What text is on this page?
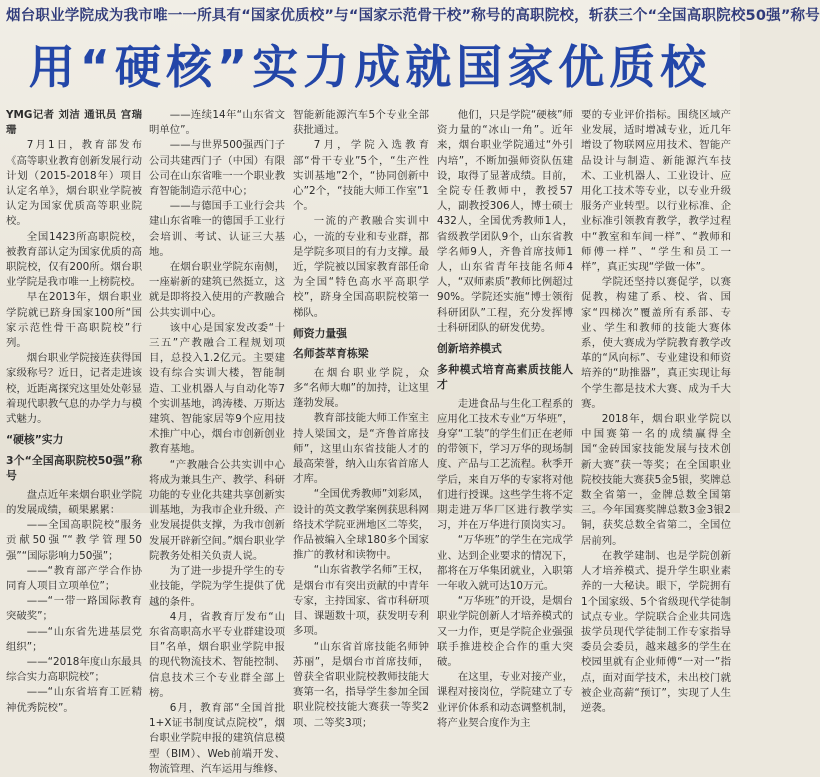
烟台职业学院成为我市唯一一所具有“国家优质校”与“国家示范骨干校”称号的高职院校，斩获三个“全国高职院校50强”称号
用“硬核”实力成就国家优质校

YMG记者 刘洁 通讯员 宫瑞珊

7月1日，教育部发布《高等职业教育创新发展行动计划（2015-2018年）项目认定名单》，烟台职业学院被认定为国家优质高等职业院校。

全国1423所高职院校，被教育部认定为国家优质的高职院校，仅有200所。烟台职业学院是我市唯一上榜院校。

早在2013年，烟台职业学院就已跻身国家100所“国家示范性骨干高职院校”行列。

烟台职业学院接连获得国家级称号？近日，记者走进该校，近距离探究这里处处彰显着现代职教气息的办学力与模式魅力。

“硬核”实力

3个“全国高职院校50强”称号

盘点近年来烟台职业学院的发展成绩，硕果累累：

——全国高职院校“服务贡献50强”“教学管理50强”“国际影响力50强”；

——“教育部产学合作协同育人项目立项单位”；

——“一带一路国际教育突破奖”；

——“山东省先进基层党组织”；

——“2018年度山东最具综合实力高职院校”；

——“山东省培育工匠精神优秀院校”。

——连续14年“山东省文明单位”。

——与世界500强西门子公司共建西门子（中国）有限公司在山东省唯一一个职业教育智能制造示范中心；

——与德国手工业行会共建山东省唯一的德国手工业行会培训、考试、认证三大基地。

在烟台职业学院东南侧，一座崭新的建筑已然挺立，这就是即将投入使用的产教融合公共实训中心。

该中心是国家发改委“十三五”产教融合工程规划项目，总投入1.2亿元。主要建设有综合实训大楼，智能制造、工业机器人与自动化等7个实训基地，鸿涛楼、万斯达建筑、智能家居等9个应用技术推广中心，烟台市创新创业教育基地。

“产教融合公共实训中心将成为兼具生产、教学、科研功能的专业化共建共享创新实训基地，为我市企业升级、产业发展提供支撑，为我市创新发展开辟新空间。”烟台职业学院教务处相关负责人说。

为了进一步提升学生的专业技能，学院为学生提供了优越的条件。

4月，省教育厅发布“山东省高职高水平专业群建设项目”名单，烟台职业学院申报的现代物流技术、智能控制、信息技术三个专业群全部上榜。

6月，教育部“全国首批1+X证书制度试点院校”，烟台职业学院申报的建筑信息模型（BIM）、Web前端开发、物流管理、汽车运用与维修、

智能新能源汽车5个专业全部获批通过。

7月，学院入选教育部“骨干专业”5个，“生产性实训基地”2个，“协同创新中心”2个，“技能大师工作室”1个。

一流的产教融合实训中心，一流的专业和专业群，都是学院多项目的有力支撑。最近，学院被以国家教育部任命为全国“特色高水平高职学校”，跻身全国高职院校第一梯队。

师资力量强

名师荟萃育栋梁

在烟台职业学院，众多“名师大咖”的加持，让这里蓬勃发展。

教育部技能大师工作室主持人梁国文，是“齐鲁首席技师”，这里山东省技能人才的最高荣誉，纳入山东省首席人才库。

“全国优秀教师”刘彩凤，设计的英文教学案例获思科网络技术学院亚洲地区二等奖，作品被编入全球180多个国家推广的教材和读物中。

“山东省教学名师”王权，是烟台市有突出贡献的中青年专家，主持国家、省市科研项目、课题数十项，获发明专利多项。

“山东省首席技能名师钟苏丽”，是烟台市首席技师，曾获全省职业院校教师技能大赛第一名，指导学生参加全国职业院校技能大赛获一等奖2项、二等奖3项；

他们，只是学院“硬核”师资力量的“冰山一角”。近年来，烟台职业学院通过“外引内培”，不断加强师资队伍建设，取得了显著成绩。目前，全院专任教师中，教授57人，副教授306人，博士硕士432人，全国优秀教师1人，省级教学团队9个，山东省教学名师9人，齐鲁首席技师1人，山东省青年技能名师4人，“双师素质”教师比例超过90%。学院还实施“博士领衔科研团队”工程，充分发挥博士科研团队的研发优势。

创新培养模式

多种模式培育高素质技能人才

走进食品与生化工程系的应用化工技术专业“万华班”，身穿“工装”的学生们正在老师的带领下，学习万华的现场制度、产品与工艺流程。秋季开学后，来自万华的专家将对他们进行授课。这些学生将不定期走进万华厂区进行教学实习，并在万华进行顶岗实习。

“万华班”的学生在完成学业、达到企业要求的情况下，都将在万华集团就业，入职第一年收入就可达10万元。

“万华班”的开设，是烟台职业学院创新人才培养模式的又一力作，更是学院企业强强联手推进校企合作的重大突破。

在这里，专业对接产业，课程对接岗位，学院建立了专业评价体系和动态调整机制，将产业契合度作为主

要的专业评价指标。围绕区域产业发展，适时增减专业，近几年增设了物联网应用技术、智能产品设计与制造、新能源汽车技术、工业机器人、工业设计、应用化工技术等专业，以专业升级服务产业转型。以行业标准、企业标准引领教育教学，教学过程中“教室和车间一样”、“教师和师傅一样”、“学生和员工一样”，真正实现“学做一体”。

学院还坚持以赛促学，以赛促教，构建了系、校、省、国家“四梯次”覆盖所有系部、专业、学生和教师的技能大赛体系，使大赛成为学院教育教学改革的“风向标”、专业建设和师资培养的“助推器”，真正实现让每个学生都是技术大赛、成为千大赛。

2018年，烟台职业学院以中国赛第一名的成绩赢得全国“金砖国家技能发展与技术创新大赛”获一等奖；在全国职业院校技能大赛获5金5银，奖牌总数全省第一，金牌总数全国第三。今年国赛奖牌总数3金3银2铜，获奖总数全省第二，全国位居前列。

在教学建制、也是学院创新人才培养模式、提升学生职业素养的一大秘诀。眼下，学院拥有1个国家级、5个省级现代学徒制试点专业。学院联合企业共同选拔学员现代学徒制工作专家指导委员会委员，越来越多的学生在校园里就有企业师傅“一对一”指点，面对面学技术，未出校门就被企业高薪“预订”，实现了人生逆袭。
